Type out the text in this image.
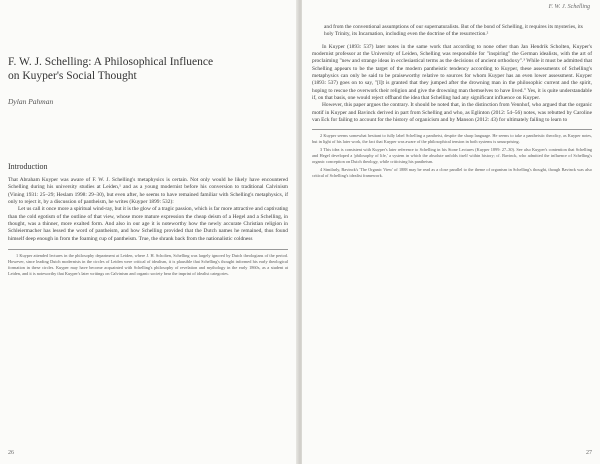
F. W. J. Schelling: A Philosophical Influence
on Kuyper's Social Thought
Dylan Pahman
Introduction

That Abraham Kuyper was aware of F. W. J. Schelling's metaphysics is certain. Not only would he likely have encountered Schelling during his university studies at Leiden,¹ and as a young modernist before his conversion to traditional Calvinism (Vining 1931: 25–29; Heslam 1998: 29–30), but even after, he seems to have remained familiar with Schelling's metaphysics, if only to reject it, by a discussion of pantheism, he writes (Kuyper 1899: 532):

Let us call it once more a spiritual wind-ray, but it is the glow of a tragic passion, which is far more attractive and captivating than the cold egotism of the outline of that view, whose more mature expression the cheap deism of a Hegel and a Schelling, in thought, was a thinner, more exalted form. And also in our age it is noteworthy how the newly accurate Christian religion in Schleiermacher has lessed the word of pantheism, and how Schelling provided that the Dutch names he remained, thus found himself deep enough in from the foaming cup of pantheism. True, the shrank back from the nationalistic coldness

1 Kuyper attended lectures in the philosophy department at Leiden, where J. H. Scholten, Schelling was largely ignored by Dutch theologians of the period. However, since leading Dutch modernists in the circles of Leiden were critical of idealism, it is plausible that Schelling's thought informed his early theological formation in these circles. Kuyper may have become acquainted with Schelling's philosophy of revelation and mythology in the early 1860s, as a student at Leiden, and it is noteworthy that Kuyper's later writings on Calvinism and organic society bear the imprint of idealist categories.

26
F. W. J. Schelling

and from the conventional assumptions of our supernaturalists. But of the bond of Schelling, it requires its mysteries, its holy Trinity, its Incarnation, including even the doctrine of the resurrection.²

In Kuyper (1893: 537) later notes in the same work that according to none other than Jan Hendrik Scholten, Kuyper's modernist professor at the University of Leiden, Schelling was responsible for "inspiring" the German idealists, with the art of proclaiming "new and strange ideas in ecclesiastical terms as the decisions of ancient orthodoxy".³ While it must be admitted that Schelling appears to be the target of the modern pantheistic tendency according to Kuyper, these assessments of Schelling's metaphysics can only be said to be praiseworthy relative to sources for whom Kuyper has an even lower assessment. Kuyper (1893: 537) goes on to say, "[I]t is granted that they jumped after the drowning man in the philosophic current and the spirit, hoping to rescue the overwork their religion and give the drowning man themselves to have lived." Yes, it is quite understandable if, on that basis, one would reject offhand the idea that Schelling had any significant influence on Kuyper.

However, this paper argues the contrary. It should be noted that, in the distinction from Vennhof, who argued that the organic motif in Kuyper and Bavinck derived in part from Schelling and who, as Eglinton (2012: 54–56) notes, was rebutted by Caroline van Eck for failing to account for the history of organicism and by Manson (2012: 43) for ultimately failing to learn to

2 Kuyper seems somewhat hesitant to fully label Schelling a pantheist, despite the sharp language. He seems to take a pantheistic theodicy, as Kuyper notes, but in light of his later work, the fact that Kuyper was aware of the philosophical tension in both systems is unsurprising.

3 This idea is consistent with Kuyper's later reference to Schelling in his Stone Lectures (Kuyper 1899: 27–30). See also Kuyper's contention that Schelling and Hegel developed a 'philosophy of life,' a system in which the absolute unfolds itself within history; cf. Bavinck, who admitted the influence of Schelling's organic conception on Dutch theology, while criticising his pantheism.

4 Similarly, Bavinck's 'The Organic View' of 1888 may be read as a close parallel to the theme of organism in Schelling's thought, though Bavinck was also critical of Schelling's idealist framework.

27
